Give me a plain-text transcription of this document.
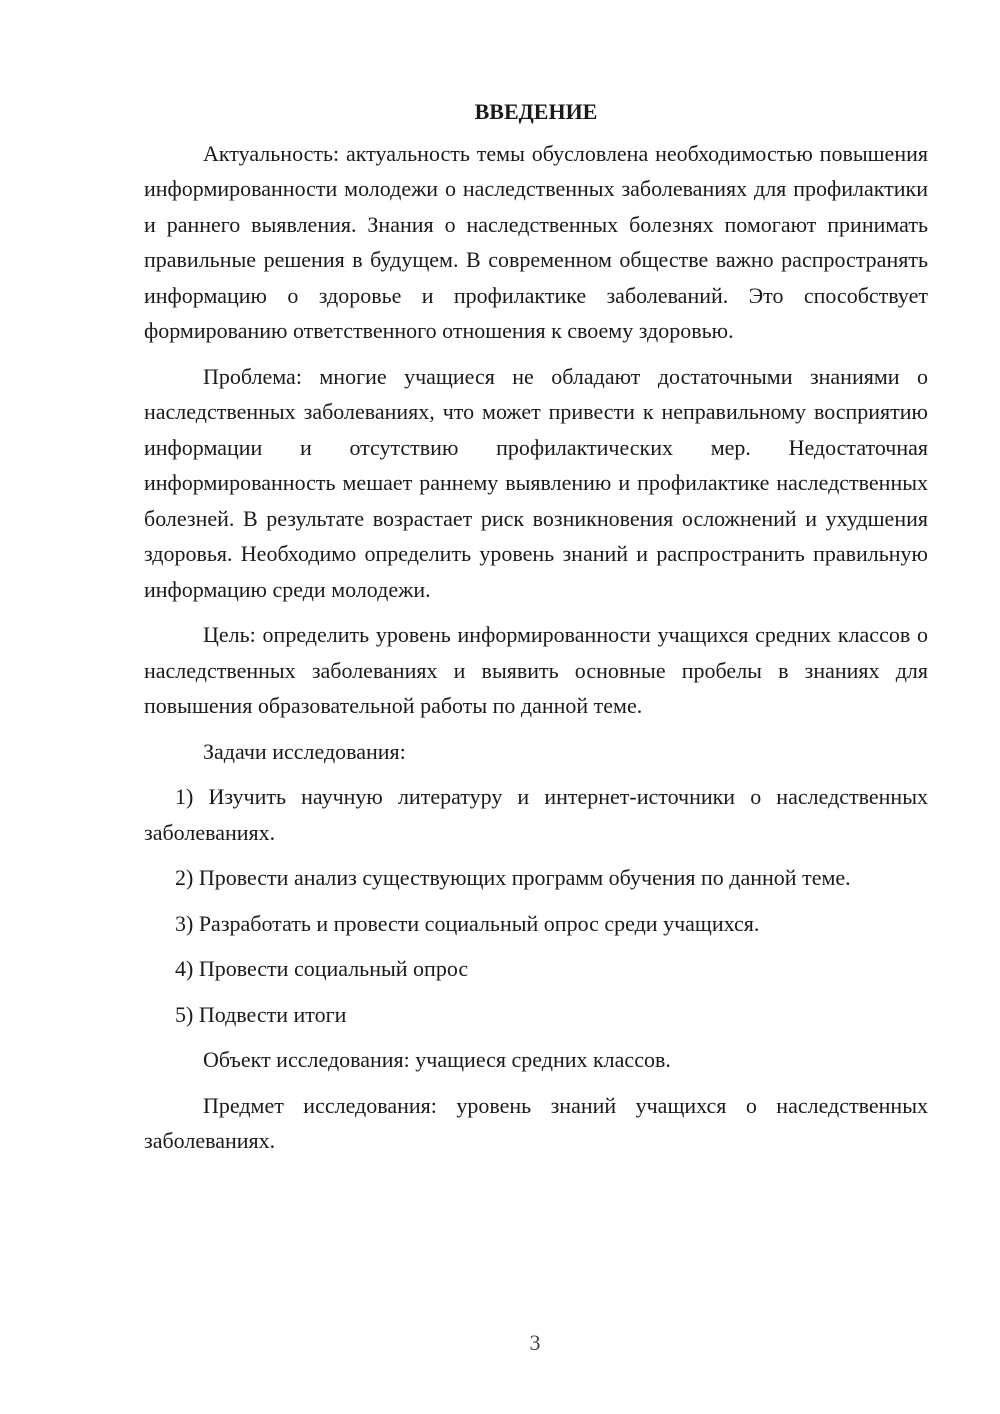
ВВЕДЕНИЕ

Актуальность: актуальность темы обусловлена необходимостью повышения информированности молодежи о наследственных заболеваниях для профилактики и раннего выявления. Знания о наследственных болезнях помогают принимать правильные решения в будущем. В современном обществе важно распространять информацию о здоровье и профилактике заболеваний. Это способствует формированию ответственного отношения к своему здоровью.

Проблема: многие учащиеся не обладают достаточными знаниями о наследственных заболеваниях, что может привести к неправильному восприятию информации и отсутствию профилактических мер. Недостаточная информированность мешает раннему выявлению и профилактике наследственных болезней. В результате возрастает риск возникновения осложнений и ухудшения здоровья. Необходимо определить уровень знаний и распространить правильную информацию среди молодежи.

Цель: определить уровень информированности учащихся средних классов о наследственных заболеваниях и выявить основные пробелы в знаниях для повышения образовательной работы по данной теме.

Задачи исследования:

1) Изучить научную литературу и интернет-источники о наследственных заболеваниях.

2) Провести анализ существующих программ обучения по данной теме.

3) Разработать и провести социальный опрос среди учащихся.

4) Провести социальный опрос

5) Подвести итоги

Объект исследования: учащиеся средних классов.

Предмет исследования: уровень знаний учащихся о наследственных заболеваниях.

3
